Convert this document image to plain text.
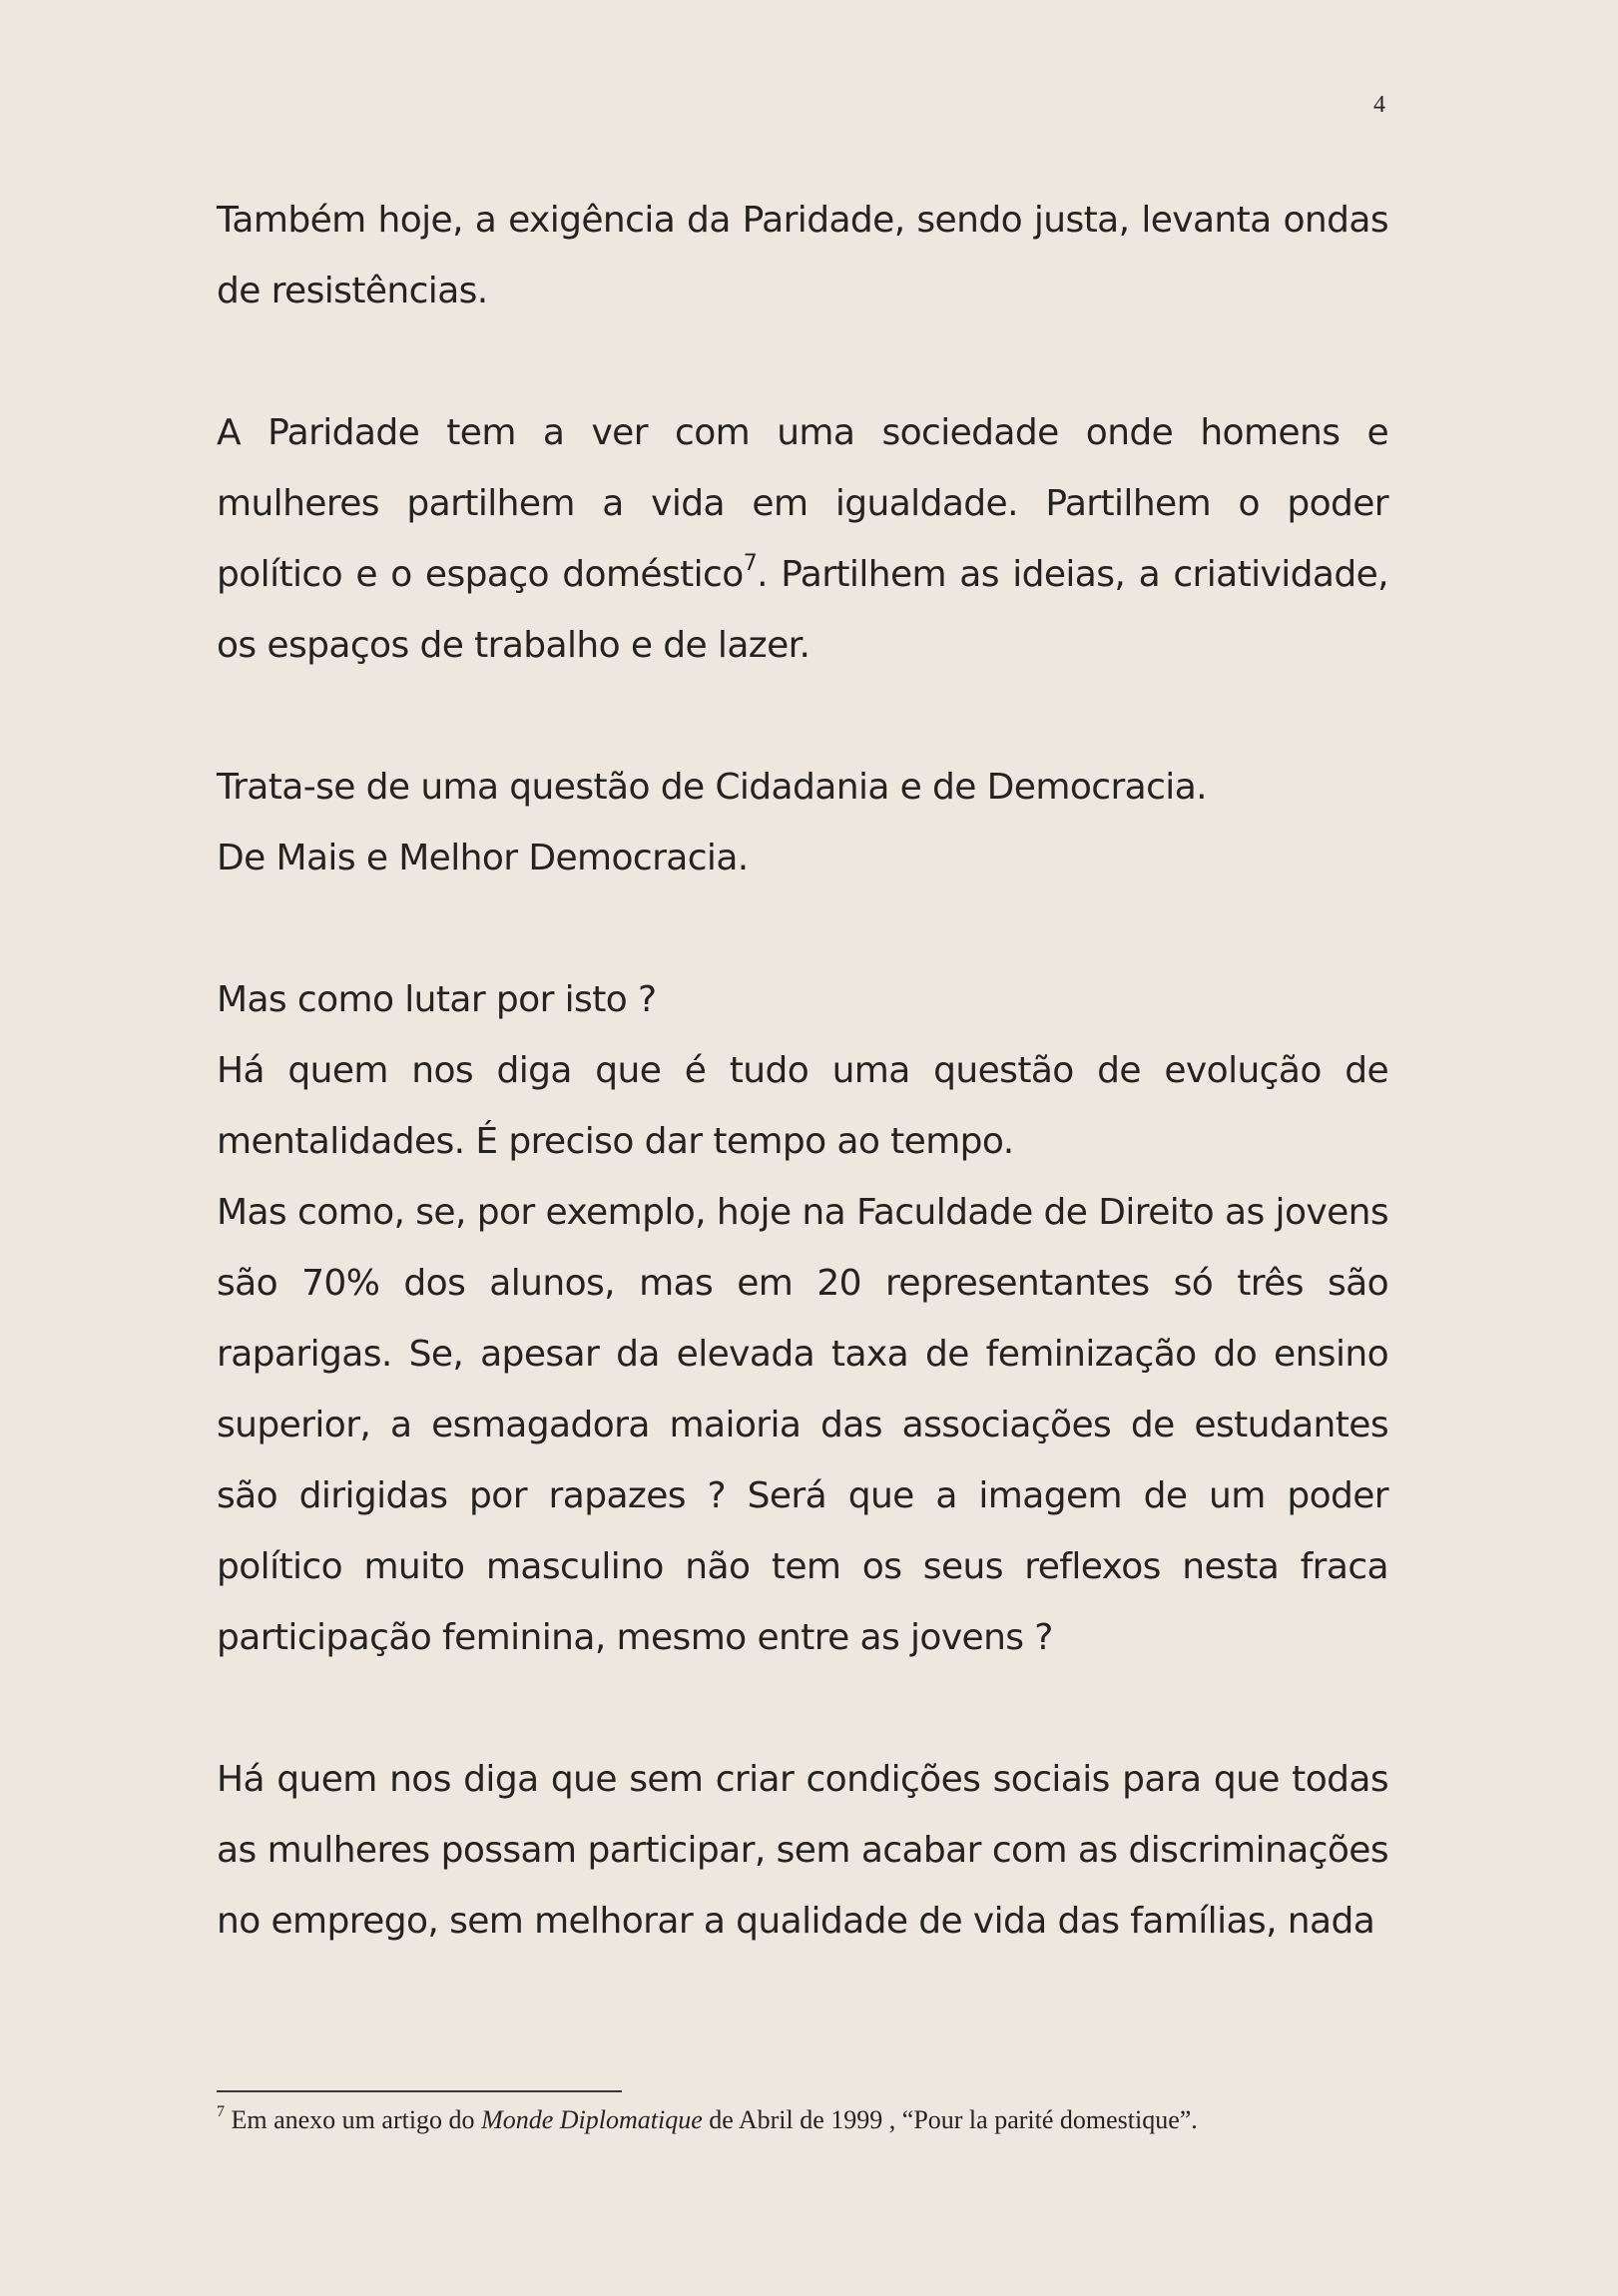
4

Também hoje, a exigência da Paridade, sendo justa, levanta ondas de resistências.

A Paridade tem a ver com uma sociedade onde homens e mulheres partilhem a vida em igualdade. Partilhem o poder político e o espaço doméstico$^7$. Partilhem as ideias, a criatividade, os espaços de trabalho e de lazer.

Trata-se de uma questão de Cidadania e de Democracia.

De Mais e Melhor Democracia.

Mas como lutar por isto ?

Há quem nos diga que é tudo uma questão de evolução de mentalidades. É preciso dar tempo ao tempo.

Mas como, se, por exemplo, hoje na Faculdade de Direito as jovens são 70% dos alunos, mas em 20 representantes só três são raparigas. Se, apesar da elevada taxa de feminização do ensino superior, a esmagadora maioria das associações de estudantes são dirigidas por rapazes ? Será que a imagem de um poder político muito masculino não tem os seus reflexos nesta fraca participação feminina, mesmo entre as jovens ?

Há quem nos diga que sem criar condições sociais para que todas as mulheres possam participar, sem acabar com as discriminações no emprego, sem melhorar a qualidade de vida das famílias, nada

$^7$ Em anexo um artigo do Monde Diplomatique de Abril de 1999 , “Pour la parité domestique”.
